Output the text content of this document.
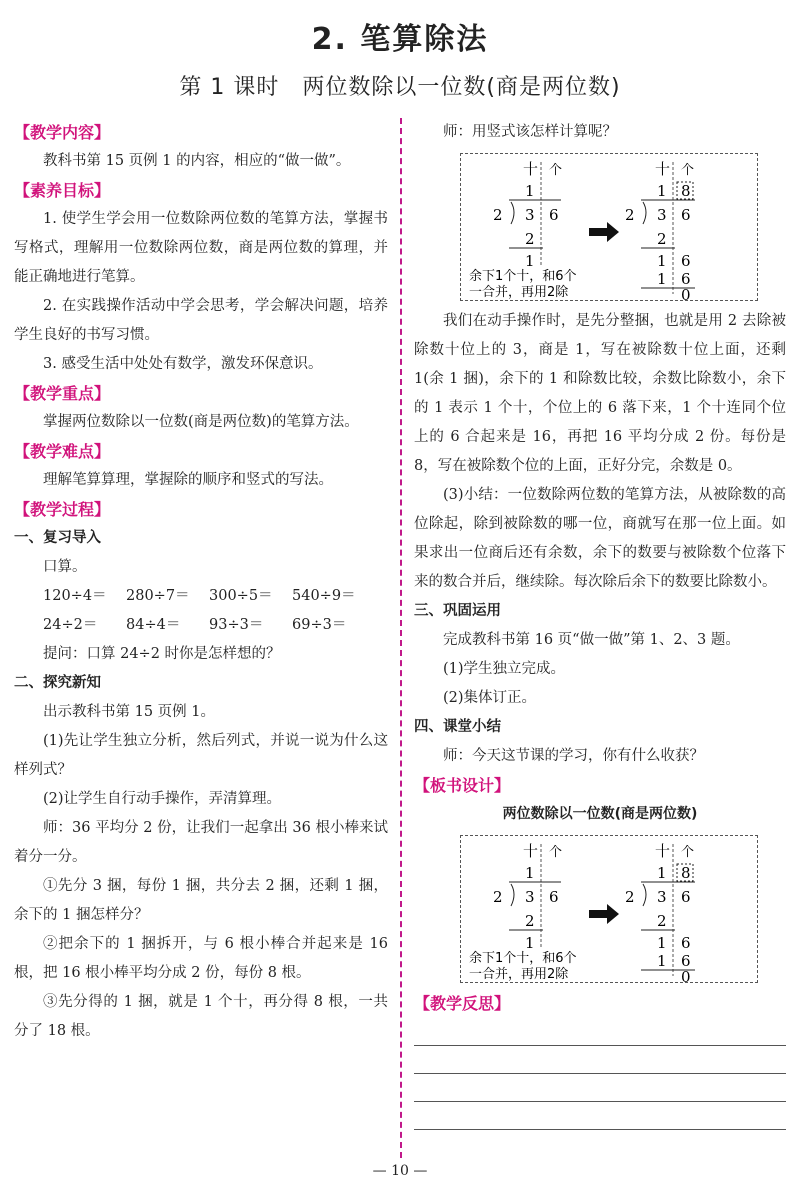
2. 笔算除法
第 1 课时　两位数除以一位数(商是两位数)
【教学内容】

教科书第 15 页例 1 的内容，相应的“做一做”。

【素养目标】

1. 使学生学会用一位数除两位数的笔算方法，掌握书写格式，理解用一位数除两位数，商是两位数的算理，并能正确地进行笔算。

2. 在实践操作活动中学会思考，学会解决问题，培养学生良好的书写习惯。

3. 感受生活中处处有数学，激发环保意识。

【教学重点】

掌握两位数除以一位数(商是两位数)的笔算方法。

【教学难点】

理解笔算算理，掌握除的顺序和竖式的写法。

【教学过程】
一、复习导入
口算。
120÷4＝	280÷7＝	300÷5＝	540÷9＝
24÷2＝	84÷4＝	93÷3＝	69÷3＝

提问：口算 24÷2 时你是怎样想的？

二、探究新知

出示教科书第 15 页例 1。

(1)先让学生独立分析，然后列式，并说一说为什么这样列式？

(2)让学生自行动手操作，弄清算理。

师：36 平均分 2 份，让我们一起拿出 36 根小棒来试着分一分。

①先分 3 捆，每份 1 捆，共分去 2 捆，还剩 1 捆，余下的 1 捆怎样分？

②把余下的 1 捆拆开，与 6 根小棒合并起来是 16 根，把 16 根小棒平均分成 2 份，每份 8 根。

③先分得的 1 捆，就是 1 个十，再分得 8 根，一共分了 18 根。

师：用竖式该怎样计算呢？

十 个
1
2 3 6
2
1
余下1个十，和6个
一合并，再用2除
十 个
1 8
2 3 6
2
1 6
1 6
0

我们在动手操作时，是先分整捆，也就是用 2 去除被除数十位上的 3，商是 1，写在被除数十位上面，还剩 1(余 1 捆)，余下的 1 和除数比较，余数比除数小，余下的 1 表示 1 个十，个位上的 6 落下来，1 个十连同个位上的 6 合起来是 16，再把 16 平均分成 2 份。每份是 8，写在被除数个位的上面，正好分完，余数是 0。

(3)小结：一位数除两位数的笔算方法，从被除数的高位除起，除到被除数的哪一位，商就写在那一位上面。如果求出一位商后还有余数，余下的数要与被除数个位落下来的数合并后，继续除。每次除后余下的数要比除数小。

三、巩固运用

完成教科书第 16 页“做一做”第 1、2、3 题。

(1)学生独立完成。

(2)集体订正。

四、课堂小结

师：今天这节课的学习，你有什么收获？

【板书设计】
两位数除以一位数(商是两位数)
十 个
1
2 3 6
2
1
余下1个十，和6个
一合并，再用2除
十 个
1 8
2 3 6
2
1 6
1 6
0
【教学反思】
— 10 —
